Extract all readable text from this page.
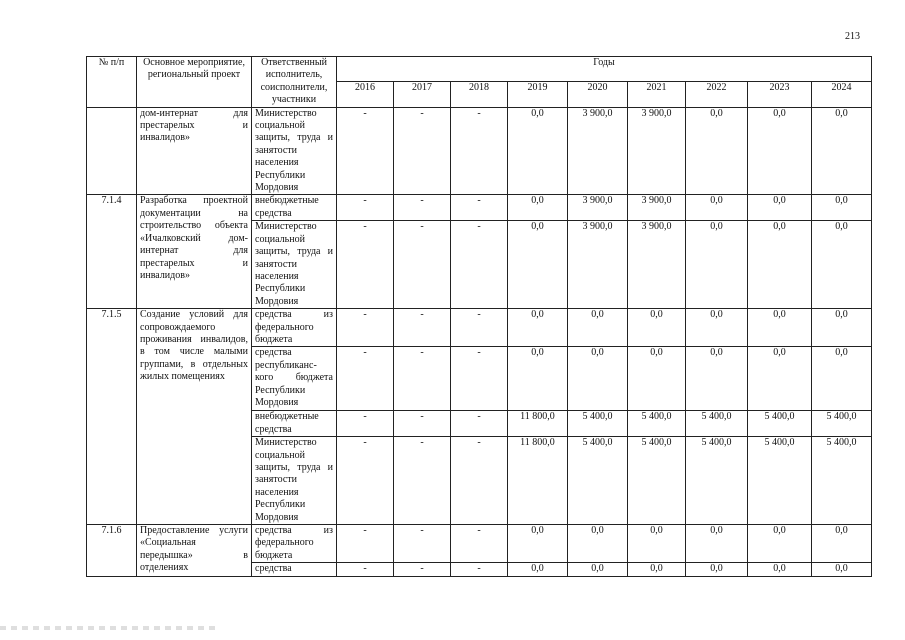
213
№ п/п	Основное мероприятие, региональный проект	Ответственный исполнитель, соисполнители, участники	Годы								
			2016	2017	2018	2019	2020	2021	2022	2023	2024
	дом-интернат для престарелых и инвалидов»	Министерство социальной защиты, труда и занятости населения Республики Мордовия	-	-	-	0,0	3 900,0	3 900,0	0,0	0,0	0,0
7.1.4	Разработка проектной документации на строительство объекта «Ичалковский дом-интернат для престарелых и инвалидов»	внебюджетные средства	-	-	-	0,0	3 900,0	3 900,0	0,0	0,0	0,0
		Министерство социальной защиты, труда и занятости населения Республики Мордовия	-	-	-	0,0	3 900,0	3 900,0	0,0	0,0	0,0
7.1.5	Создание условий для сопровождаемого проживания инвалидов, в том числе малыми группами, в отдельных жилых помещениях	средства из федерального бюджета	-	-	-	0,0	0,0	0,0	0,0	0,0	0,0
		средства республиканс-кого бюджета Республики Мордовия	-	-	-	0,0	0,0	0,0	0,0	0,0	0,0
		внебюджетные средства	-	-	-	11 800,0	5 400,0	5 400,0	5 400,0	5 400,0	5 400,0
		Министерство социальной защиты, труда и занятости населения Республики Мордовия	-	-	-	11 800,0	5 400,0	5 400,0	5 400,0	5 400,0	5 400,0
7.1.6	Предоставление услуги «Социальная передышка» в отделениях	средства из федерального бюджета	-	-	-	0,0	0,0	0,0	0,0	0,0	0,0
		средства	-	-	-	0,0	0,0	0,0	0,0	0,0	0,0
